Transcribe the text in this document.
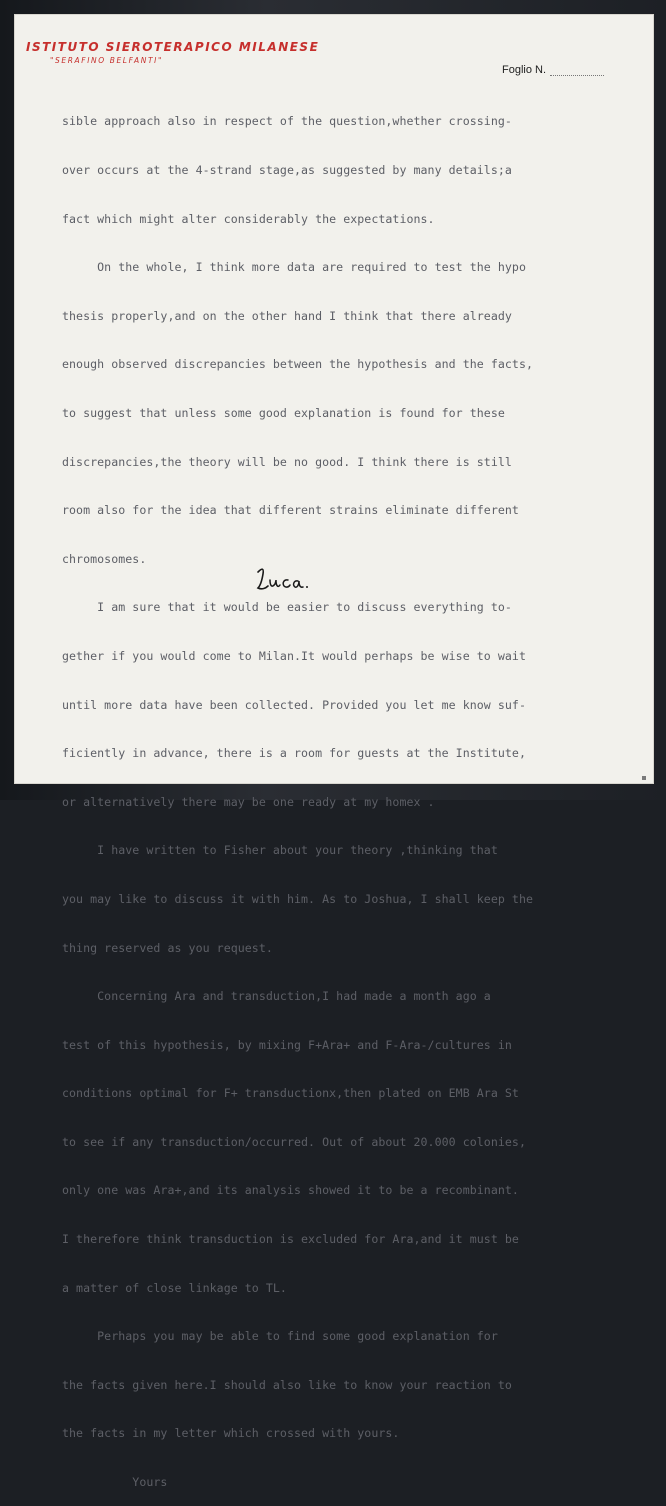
ISTITUTO SIEROTERAPICO MILANESE
"SERAFINO BELFANTI"
Foglio N.

sible approach also in respect of the question,whether crossing-

over occurs at the 4-strand stage,as suggested by many details;a

fact which might alter considerably the expectations.

On the whole, I think more data are required to test the hypo

thesis properly,and on the other hand I think that there already

enough observed discrepancies between the hypothesis and the facts,

to suggest that unless some good explanation is found for these

discrepancies,the theory will be no good. I think there is still

room also for the idea that different strains eliminate different

chromosomes.

I am sure that it would be easier to discuss everything to-

gether if you would come to Milan.It would perhaps be wise to wait

until more data have been collected. Provided you let me know suf-

ficiently in advance, there is a room for guests at the Institute,

or alternatively there may be one ready at my homex .

I have written to Fisher about your theory ,thinking that

you may like to discuss it with him. As to Joshua, I shall keep the

thing reserved as you request.

Concerning Ara and transduction,I had made a month ago a

test of this hypothesis, by mixing F+Ara+ and F-Ara-/cultures in

conditions optimal for F+ transductionx,then plated on EMB Ara St

to see if any transduction/occurred. Out of about 20.000 colonies,

only one was Ara+,and its analysis showed it to be a recombinant.

I therefore think transduction is excluded for Ara,and it must be

a matter of close linkage to TL.

Perhaps you may be able to find some good explanation for

the facts given here.I should also like to know your reaction to

the facts in my letter which crossed with yours.

Yours
